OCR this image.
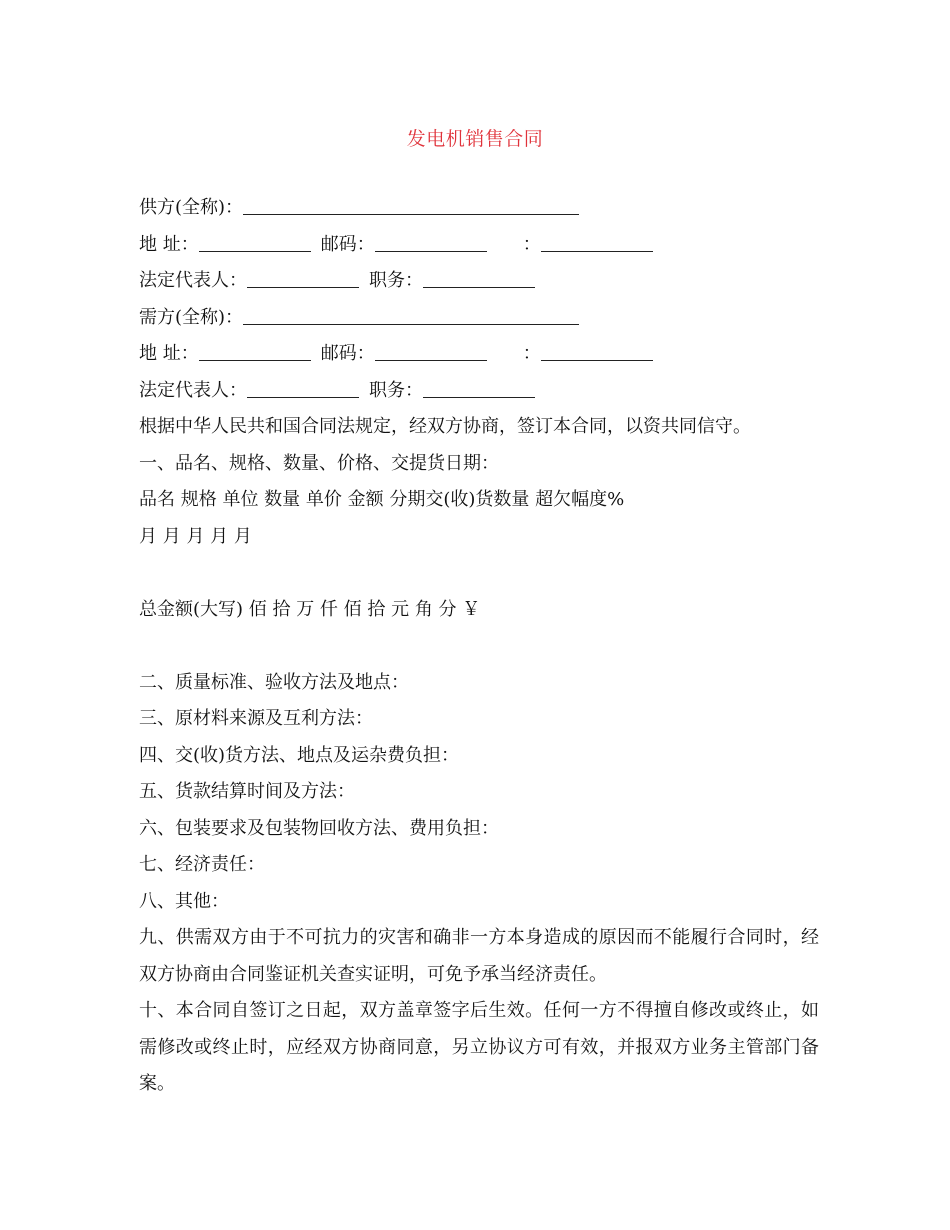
发电机销售合同
供方(全称)：
地 址：	邮码：	：
法定代表人：	职务：
需方(全称)：
地 址：	邮码：	：
法定代表人：	职务：
根据中华人民共和国合同法规定，经双方协商，签订本合同，以资共同信守。
一、品名、规格、数量、价格、交提货日期：
品名 规格 单位 数量 单价 金额 分期交(收)货数量 超欠幅度%
月 月 月 月 月
总金额(大写) 佰 拾 万 仟 佰 拾 元 角 分 ￥
二、质量标准、验收方法及地点：
三、原材料来源及互利方法：
四、交(收)货方法、地点及运杂费负担：
五、货款结算时间及方法：
六、包装要求及包装物回收方法、费用负担：
七、经济责任：
八、其他：
九、供需双方由于不可抗力的灾害和确非一方本身造成的原因而不能履行合同时，经双方协商由合同鉴证机关查实证明，可免予承当经济责任。
十、本合同自签订之日起，双方盖章签字后生效。任何一方不得擅自修改或终止，如需修改或终止时，应经双方协商同意，另立协议方可有效，并报双方业务主管部门备案。
